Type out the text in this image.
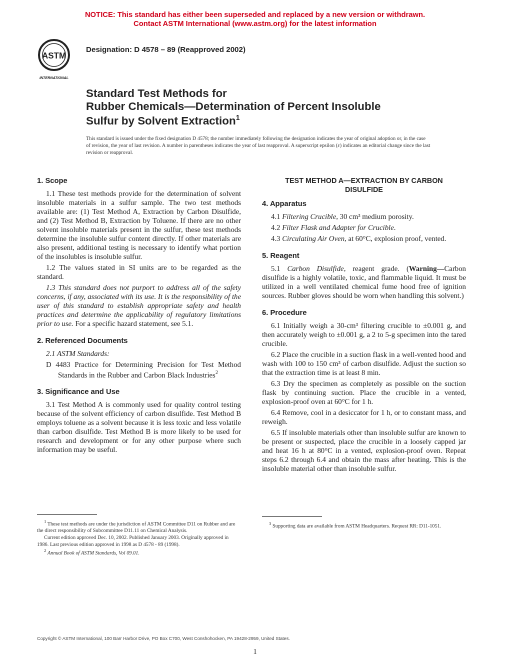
NOTICE: This standard has either been superseded and replaced by a new version or withdrawn.
Contact ASTM International (www.astm.org) for the latest information
ASTM
INTERNATIONAL
Designation: D 4578 – 89 (Reapproved 2002)
Standard Test Methods for
Rubber Chemicals—Determination of Percent Insoluble
Sulfur by Solvent Extraction$^1$
This standard is issued under the fixed designation D 4578; the number immediately following the designation indicates the year of original adoption or, in the case of revision, the year of last revision. A number in parentheses indicates the year of last reapproval. A superscript epsilon (ε) indicates an editorial change since the last revision or reapproval.
1. Scope

1.1 These test methods provide for the determination of solvent insoluble materials in a sulfur sample. The two test methods available are: (1) Test Method A, Extraction by Carbon Disulfide, and (2) Test Method B, Extraction by Toluene. If there are no other solvent insoluble materials present in the sulfur, these test methods determine the insoluble sulfur content directly. If other materials are also present, additional testing is necessary to identify what portion of the insolubles is insoluble sulfur.

1.2 The values stated in SI units are to be regarded as the standard.

1.3 This standard does not purport to address all of the safety concerns, if any, associated with its use. It is the responsibility of the user of this standard to establish appropriate safety and health practices and determine the applicability of regulatory limitations prior to use. For a specific hazard statement, see 5.1.

2. Referenced Documents

2.1 ASTM Standards:

D 4483 Practice for Determining Precision for Test Method Standards in the Rubber and Carbon Black Industries$^2$

3. Significance and Use

3.1 Test Method A is commonly used for quality control testing because of the solvent efficiency of carbon disulfide. Test Method B employs toluene as a solvent because it is less toxic and less volatile than carbon disulfide. Test Method B is more likely to be used for research and development or for any other purpose where such information may be useful.

TEST METHOD A—EXTRACTION BY CARBON
DISULFIDE
4. Apparatus

4.1 Filtering Crucible, 30 cm³ medium porosity.

4.2 Filter Flask and Adapter for Crucible.

4.3 Circulating Air Oven, at 60°C, explosion proof, vented.

5. Reagent

5.1 Carbon Disulfide, reagent grade. (Warning—Carbon disulfide is a highly volatile, toxic, and flammable liquid. It must be utilized in a well ventilated chemical fume hood free of ignition sources. Rubber gloves should be worn when handling this solvent.)

6. Procedure

6.1 Initially weigh a 30-cm³ filtering crucible to ±0.001 g, and then accurately weigh to ±0.001 g, a 2 to 5-g specimen into the tared crucible.

6.2 Place the crucible in a suction flask in a well-vented hood and wash with 100 to 150 cm³ of carbon disulfide. Adjust the suction so that the extraction time is at least 8 min.

6.3 Dry the specimen as completely as possible on the suction flask by continuing suction. Place the crucible in a vented, explosion-proof oven at 60°C for 1 h.

6.4 Remove, cool in a desiccator for 1 h, or to constant mass, and reweigh.

6.5 If insoluble materials other than insoluble sulfur are known to be present or suspected, place the crucible in a loosely capped jar and heat 16 h at 80°C in a vented, explosion-proof oven. Repeat steps 6.2 through 6.4 and obtain the mass after heating. This is the insoluble material other than insoluble sulfur.

$^1$ These test methods are under the jurisdiction of ASTM Committee D11 on Rubber and are the direct responsibility of Subcommittee D11.11 on Chemical Analysis.

Current edition approved Dec. 10, 2002. Published January 2003. Originally approved in 1986. Last previous edition approved in 1998 as D 4578 - 89 (1998).

$^2$ Annual Book of ASTM Standards, Vol 09.01.

$^3$ Supporting data are available from ASTM Headquarters. Request RR: D11-1051.

Copyright © ASTM International, 100 Barr Harbor Drive, PO Box C700, West Conshohocken, PA 19428-2959, United States.
1
